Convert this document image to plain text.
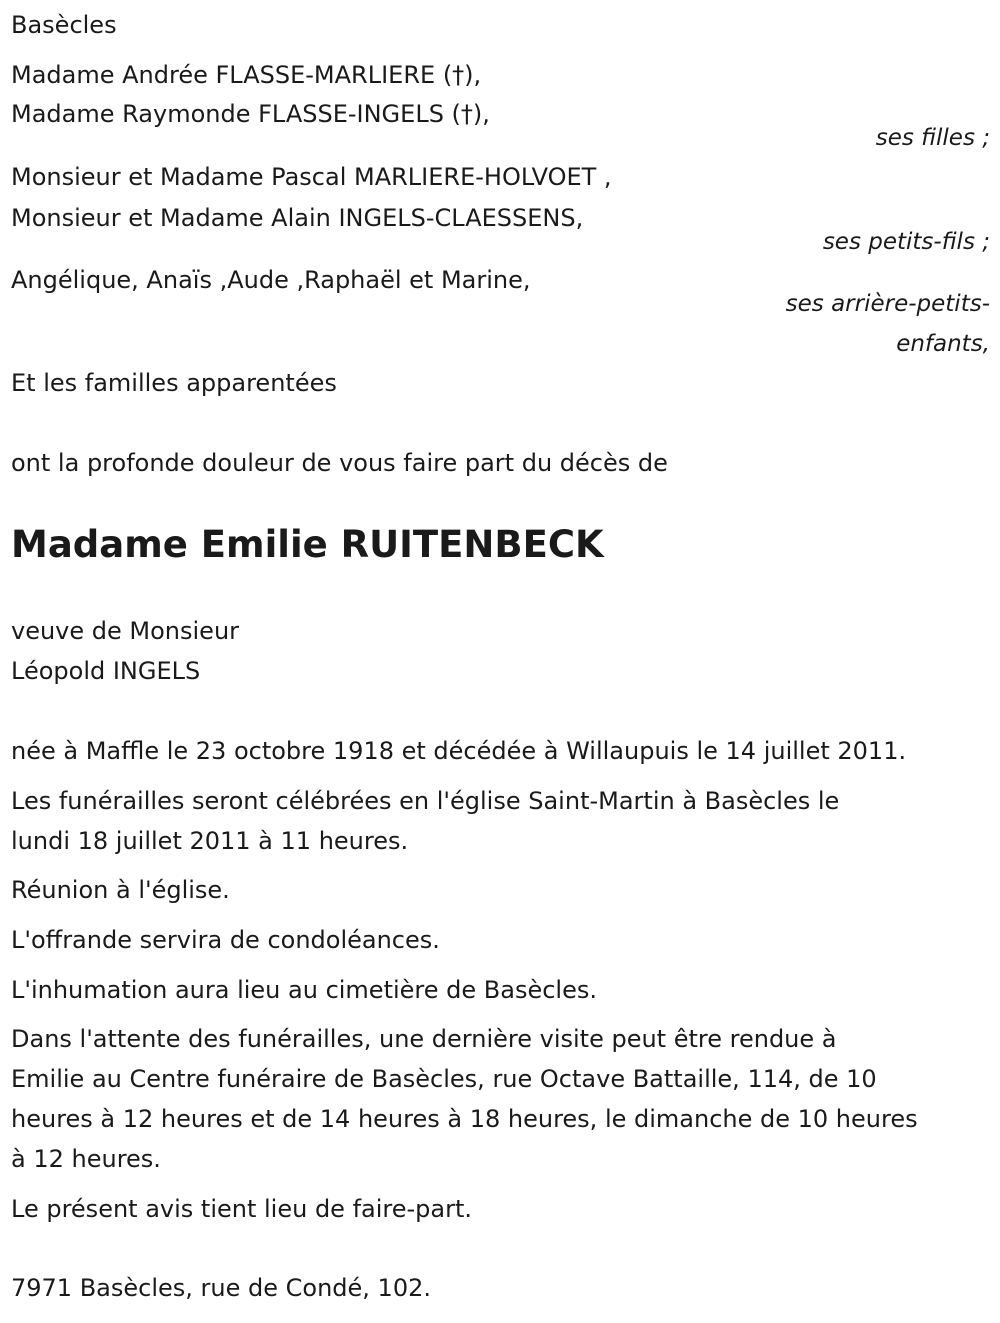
Basècles
Madame Andrée FLASSE-MARLIERE (†),
Madame Raymonde FLASSE-INGELS (†),
ses filles ;
Monsieur et Madame Pascal MARLIERE-HOLVOET ,
Monsieur et Madame Alain INGELS-CLAESSENS,
ses petits-fils ;
Angélique, Anaïs ,Aude ,Raphaël et Marine,
ses arrière-petits-
enfants,
Et les familles apparentées
ont la profonde douleur de vous faire part du décès de
Madame Emilie RUITENBECK
veuve de Monsieur
Léopold INGELS
née à Maffle le 23 octobre 1918 et décédée à Willaupuis le 14 juillet 2011.
Les funérailles seront célébrées en l'église Saint-Martin à Basècles le
lundi 18 juillet 2011 à 11 heures.
Réunion à l'église.
L'offrande servira de condoléances.
L'inhumation aura lieu au cimetière de Basècles.
Dans l'attente des funérailles, une dernière visite peut être rendue à
Emilie au Centre funéraire de Basècles, rue Octave Battaille, 114, de 10
heures à 12 heures et de 14 heures à 18 heures, le dimanche de 10 heures
à 12 heures.
Le présent avis tient lieu de faire-part.
7971 Basècles, rue de Condé, 102.
